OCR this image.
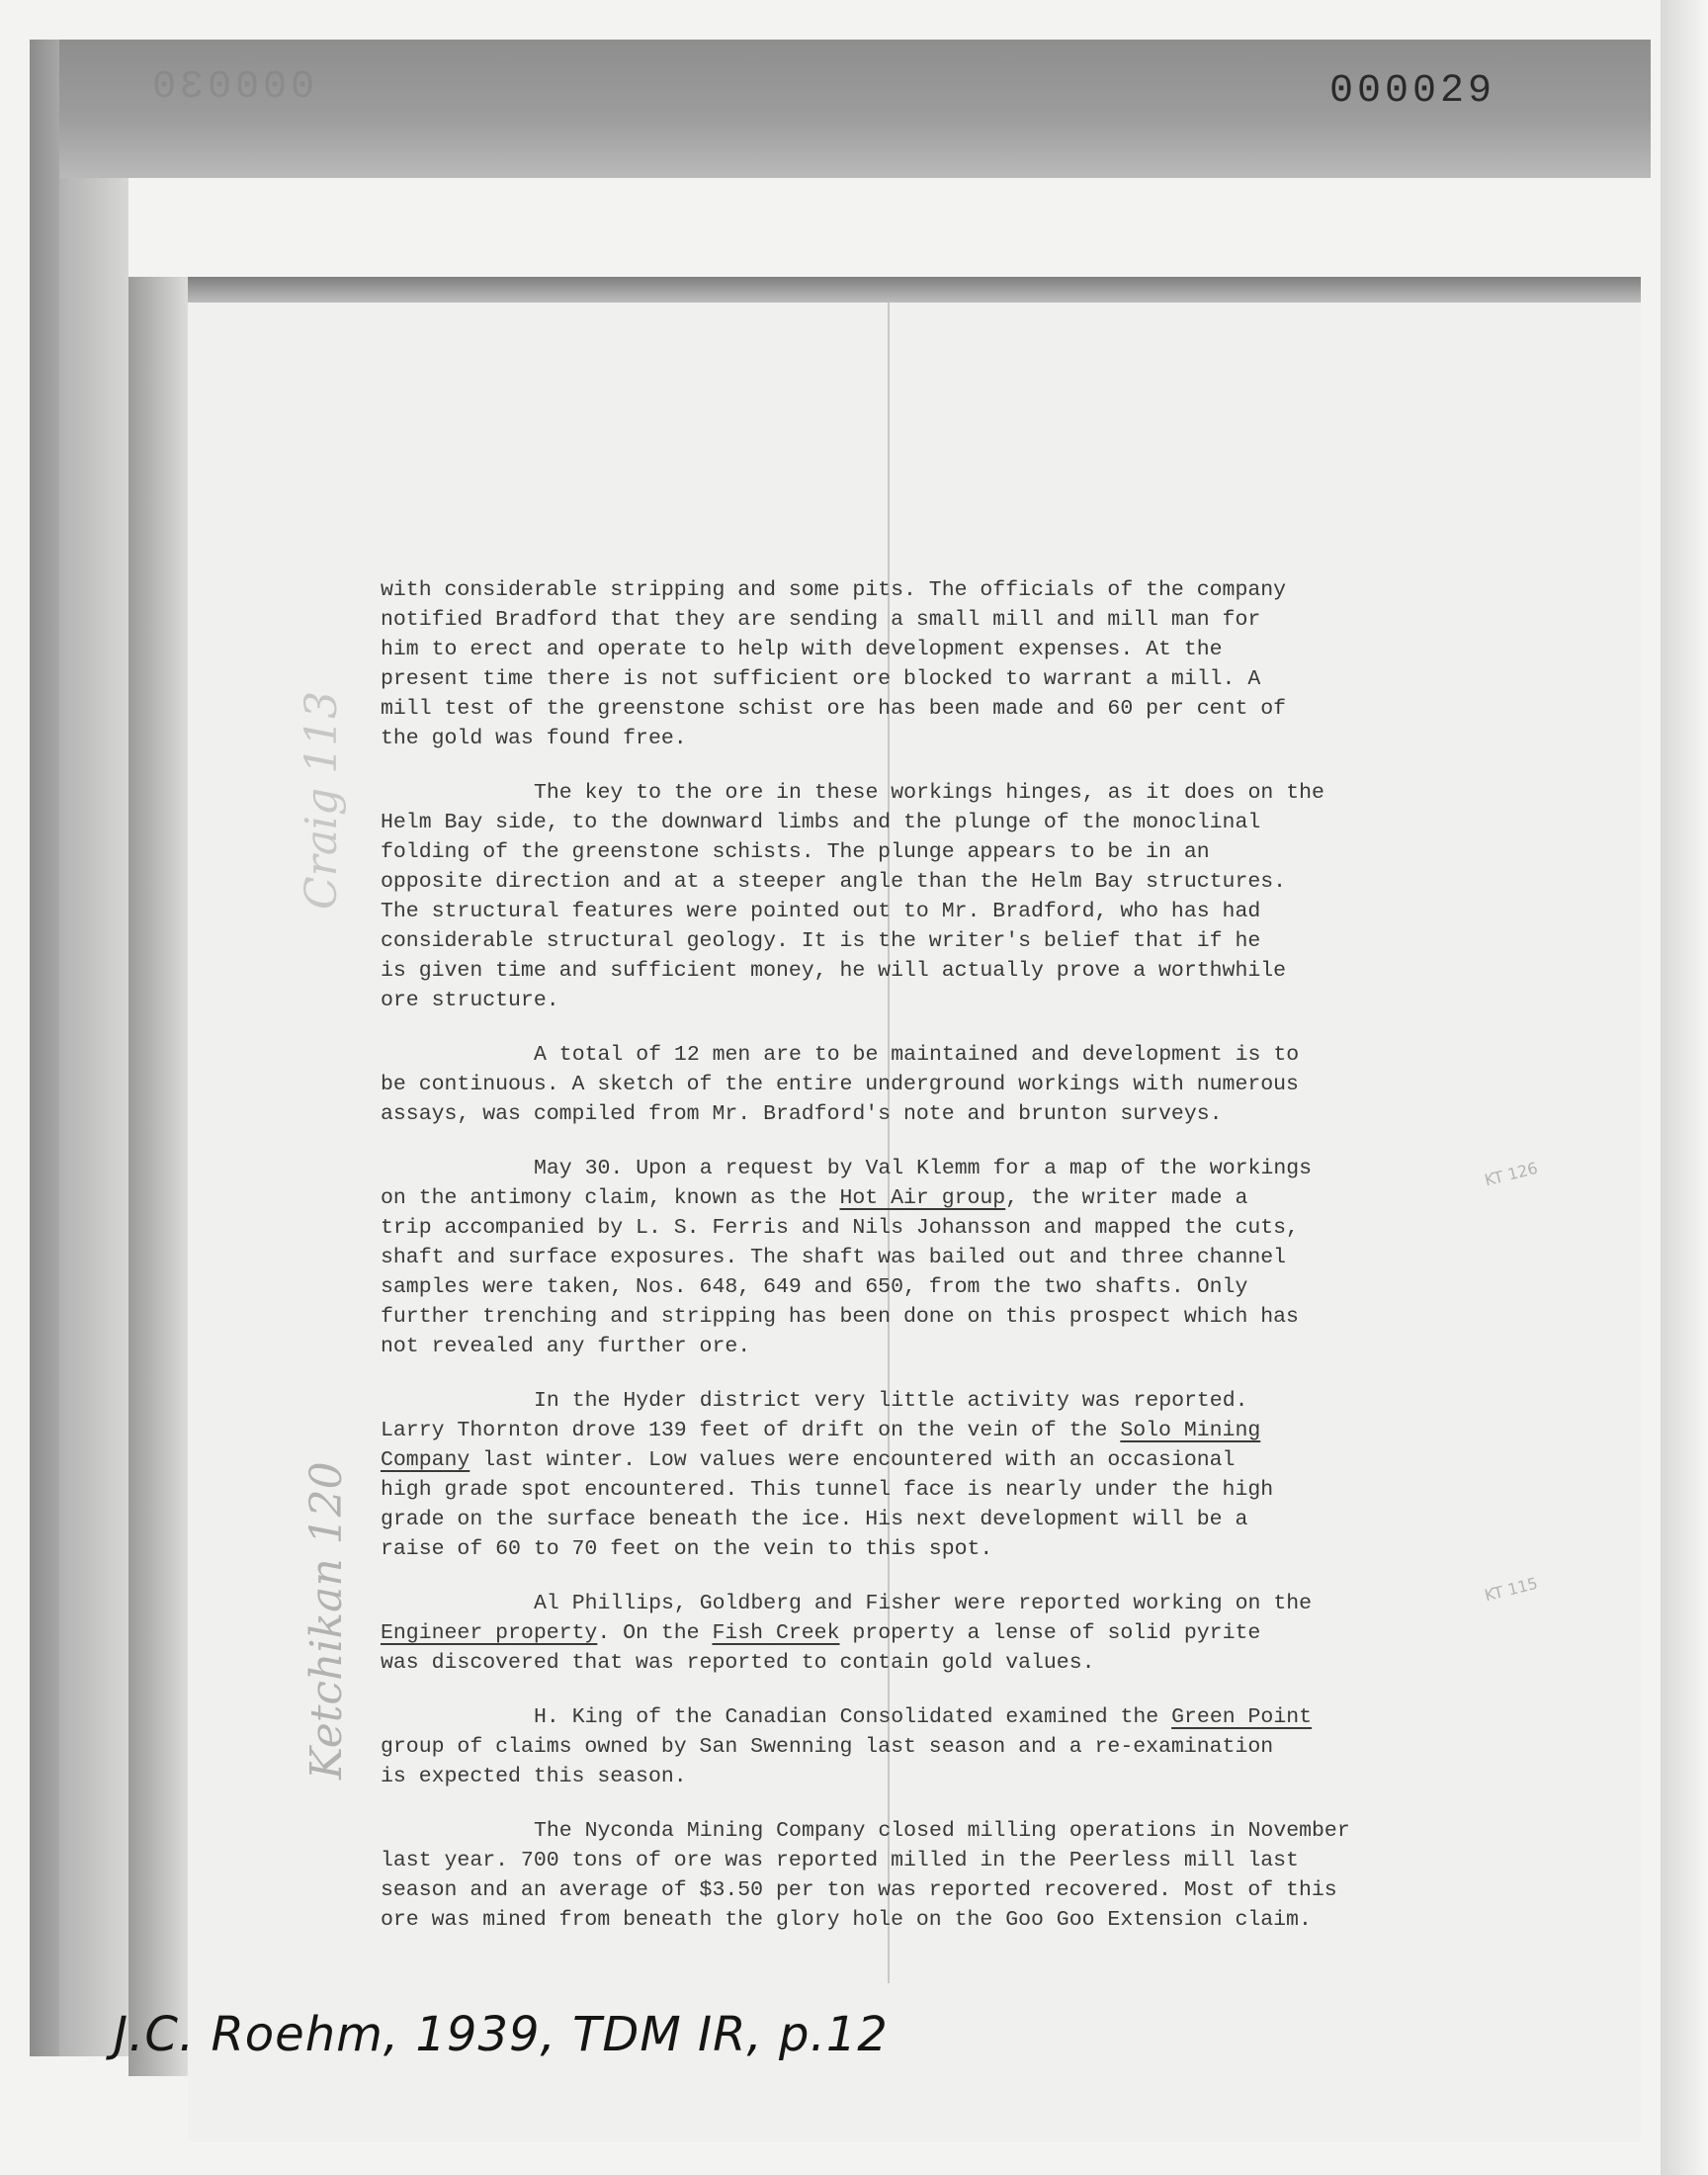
000030	000029

Craig 113
Ketchikan 120
KT 126
KT 115

with considerable stripping and some pits. The officials of the company
notified Bradford that they are sending a small mill and mill man for
him to erect and operate to help with development expenses. At the
present time there is not sufficient ore blocked to warrant a mill. A
mill test of the greenstone schist ore has been made and 60 per cent of
the gold was found free.

The key to the ore in these workings hinges, as it does on the
Helm Bay side, to the downward limbs and the plunge of the monoclinal
folding of the greenstone schists. The plunge appears to be in an
opposite direction and at a steeper angle than the Helm Bay structures.
The structural features were pointed out to Mr. Bradford, who has had
considerable structural geology. It is the writer's belief that if he
is given time and sufficient money, he will actually prove a worthwhile
ore structure.

A total of 12 men are to be maintained and development is to
be continuous. A sketch of the entire underground workings with numerous
assays, was compiled from Mr. Bradford's note and brunton surveys.

May 30. Upon a request by Val Klemm for a map of the workings
on the antimony claim, known as the Hot Air group, the writer made a
trip accompanied by L. S. Ferris and Nils Johansson and mapped the cuts,
shaft and surface exposures. The shaft was bailed out and three channel
samples were taken, Nos. 648, 649 and 650, from the two shafts. Only
further trenching and stripping has been done on this prospect which has
not revealed any further ore.

In the Hyder district very little activity was reported.
Larry Thornton drove 139 feet of drift on the vein of the Solo Mining
Company last winter. Low values were encountered with an occasional
high grade spot encountered. This tunnel face is nearly under the high
grade on the surface beneath the ice. His next development will be a
raise of 60 to 70 feet on the vein to this spot.

Al Phillips, Goldberg and Fisher were reported working on the
Engineer property. On the Fish Creek property a lense of solid pyrite
was discovered that was reported to contain gold values.

H. King of the Canadian Consolidated examined the Green Point
group of claims owned by San Swenning last season and a re-examination
is expected this season.

The Nyconda Mining Company closed milling operations in November
last year. 700 tons of ore was reported milled in the Peerless mill last
season and an average of $3.50 per ton was reported recovered. Most of this
ore was mined from beneath the glory hole on the Goo Goo Extension claim.

J.C. Roehm, 1939, TDM IR, p.12
